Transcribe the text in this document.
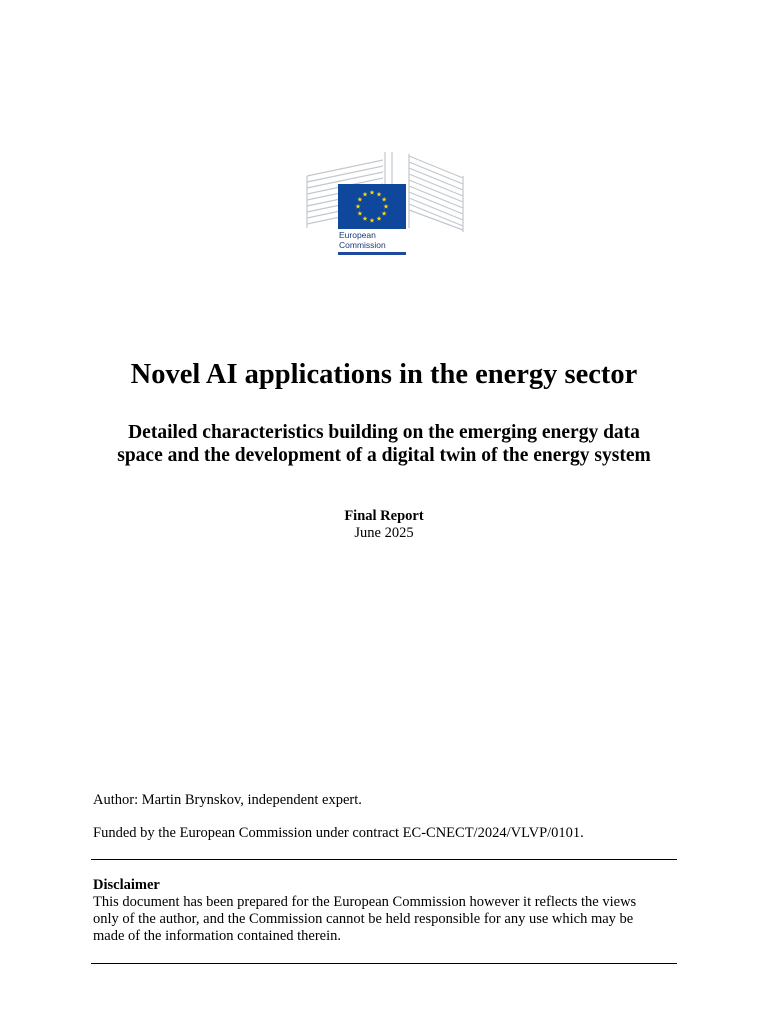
European
Commission
Novel AI applications in the energy sector
Detailed characteristics building on the emerging energy data
space and the development of a digital twin of the energy system
Final Report
June 2025
Author: Martin Brynskov, independent expert.
Funded by the European Commission under contract EC-CNECT/2024/VLVP/0101.
Disclaimer
This document has been prepared for the European Commission however it reflects the views
only of the author, and the Commission cannot be held responsible for any use which may be
made of the information contained therein.
